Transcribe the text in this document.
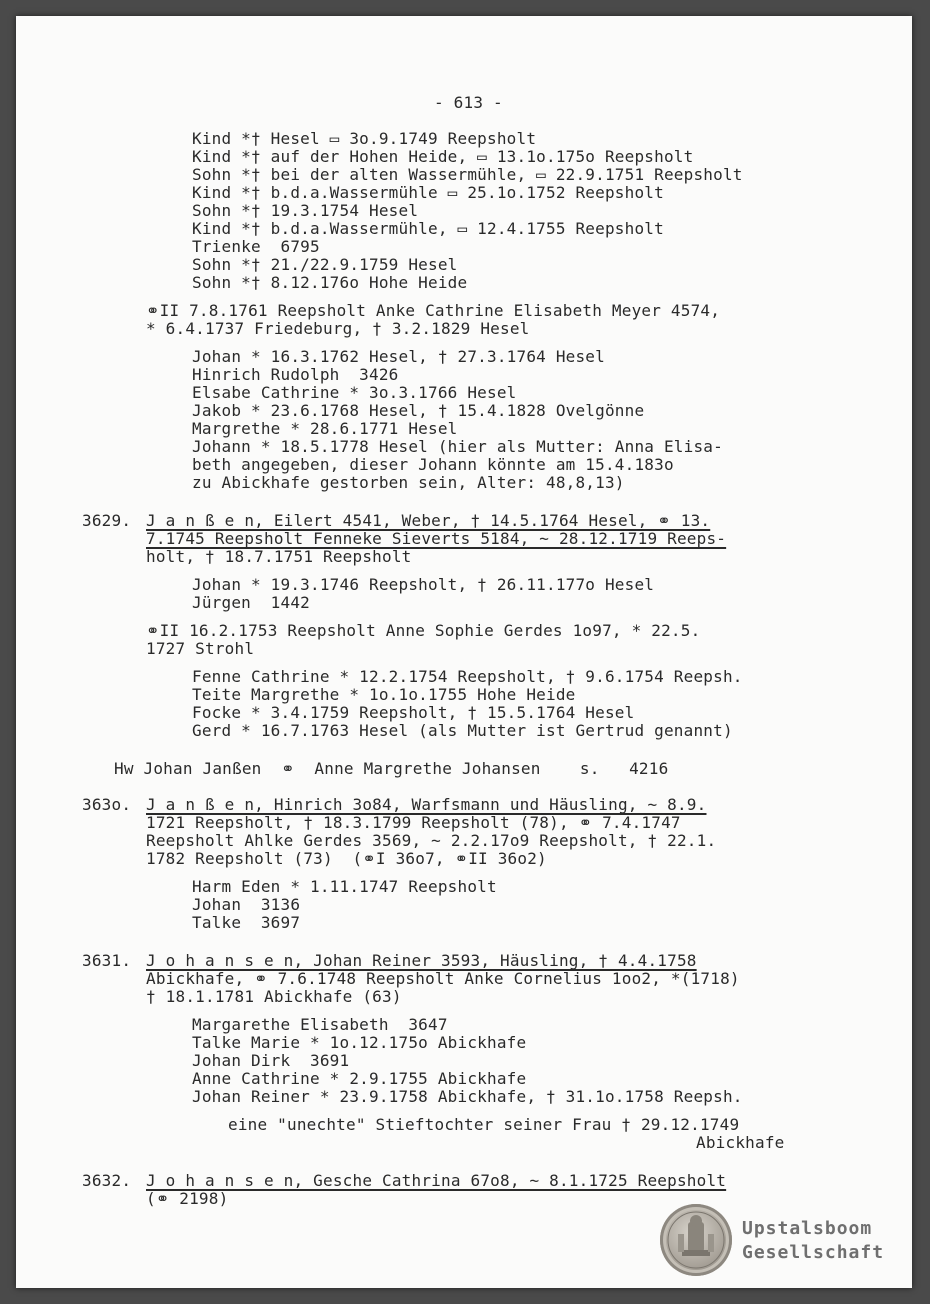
- 613 -
Kind *† Hesel ▭ 3o.9.1749 Reepsholt
Kind *† auf der Hohen Heide, ▭ 13.1o.175o Reepsholt
Sohn *† bei der alten Wassermühle, ▭ 22.9.1751 Reepsholt
Kind *† b.d.a.Wassermühle ▭ 25.1o.1752 Reepsholt
Sohn *† 19.3.1754 Hesel
Kind *† b.d.a.Wassermühle, ▭ 12.4.1755 Reepsholt
Trienke  6795
Sohn *† 21./22.9.1759 Hesel
Sohn *† 8.12.176o Hohe Heide
⚭II 7.8.1761 Reepsholt Anke Cathrine Elisabeth Meyer 4574,
* 6.4.1737 Friedeburg, † 3.2.1829 Hesel
Johan * 16.3.1762 Hesel, † 27.3.1764 Hesel
Hinrich Rudolph  3426
Elsabe Cathrine * 3o.3.1766 Hesel
Jakob * 23.6.1768 Hesel, † 15.4.1828 Ovelgönne
Margrethe * 28.6.1771 Hesel
Johann * 18.5.1778 Hesel (hier als Mutter: Anna Elisa-
beth angegeben, dieser Johann könnte am 15.4.183o
zu Abickhafe gestorben sein, Alter: 48,8,13)
3629. J a n ß e n, Eilert 4541, Weber, † 14.5.1764 Hesel, ⚭ 13.
7.1745 Reepsholt Fenneke Sieverts 5184, ~ 28.12.1719 Reeps-
holt, † 18.7.1751 Reepsholt
Johan * 19.3.1746 Reepsholt, † 26.11.177o Hesel
Jürgen  1442
⚭II 16.2.1753 Reepsholt Anne Sophie Gerdes 1o97, * 22.5.
1727 Strohl
Fenne Cathrine * 12.2.1754 Reepsholt, † 9.6.1754 Reepsh.
Teite Margrethe * 1o.1o.1755 Hohe Heide
Focke * 3.4.1759 Reepsholt, † 15.5.1764 Hesel
Gerd * 16.7.1763 Hesel (als Mutter ist Gertrud genannt)
Hw Johan Janßen  ⚭  Anne Margrethe Johansen    s.   4216
363o. J a n ß e n, Hinrich 3o84, Warfsmann und Häusling, ~ 8.9.
1721 Reepsholt, † 18.3.1799 Reepsholt (78), ⚭ 7.4.1747
Reepsholt Ahlke Gerdes 3569, ~ 2.2.17o9 Reepsholt, † 22.1.
1782 Reepsholt (73)  (⚭I 36o7, ⚭II 36o2)
Harm Eden * 1.11.1747 Reepsholt
Johan  3136
Talke  3697
3631. J o h a n s e n, Johan Reiner 3593, Häusling, † 4.4.1758
Abickhafe, ⚭ 7.6.1748 Reepsholt Anke Cornelius 1oo2, *(1718)
† 18.1.1781 Abickhafe (63)
Margarethe Elisabeth  3647
Talke Marie * 1o.12.175o Abickhafe
Johan Dirk  3691
Anne Cathrine * 2.9.1755 Abickhafe
Johan Reiner * 23.9.1758 Abickhafe, † 31.1o.1758 Reepsh.
eine "unechte" Stieftochter seiner Frau † 29.12.1749
Abickhafe
3632. J o h a n s e n, Gesche Cathrina 67o8, ~ 8.1.1725 Reepsholt
(⚭ 2198)
Upstalsboom
Gesellschaft
